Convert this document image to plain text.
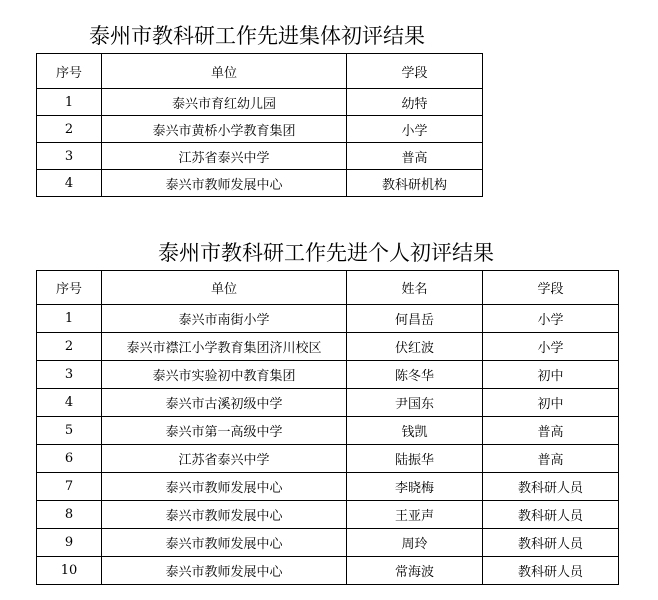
泰州市教科研工作先进集体初评结果
序号	单位	学段
1	泰兴市育红幼儿园	幼特
2	泰兴市黄桥小学教育集团	小学
3	江苏省泰兴中学	普高
4	泰兴市教师发展中心	教科研机构
泰州市教科研工作先进个人初评结果
序号	单位	姓名	学段
1	泰兴市南街小学	何昌岳	小学
2	泰兴市襟江小学教育集团济川校区	伏红波	小学
3	泰兴市实验初中教育集团	陈冬华	初中
4	泰兴市古溪初级中学	尹国东	初中
5	泰兴市第一高级中学	钱凯	普高
6	江苏省泰兴中学	陆振华	普高
7	泰兴市教师发展中心	李晓梅	教科研人员
8	泰兴市教师发展中心	王亚声	教科研人员
9	泰兴市教师发展中心	周玲	教科研人员
10	泰兴市教师发展中心	常海波	教科研人员
